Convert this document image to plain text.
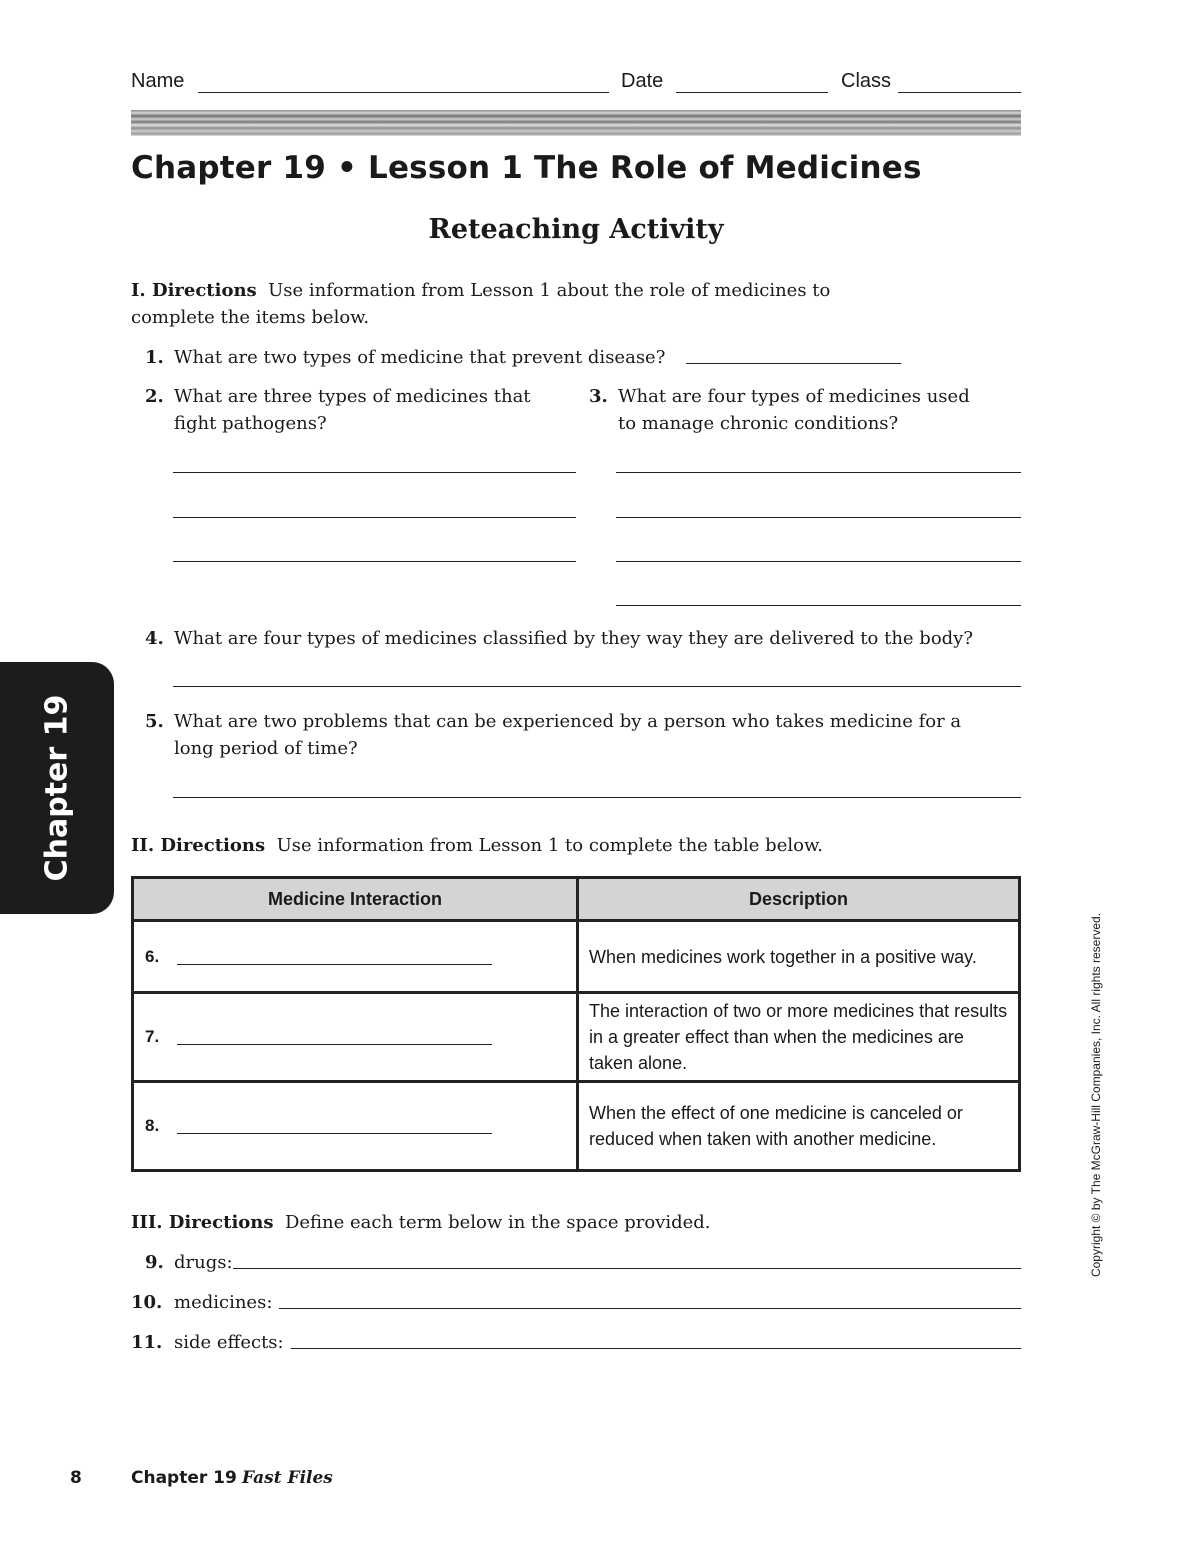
Name	Date	Class
Chapter 19 • Lesson 1 The Role of Medicines
Reteaching Activity
I. Directions Use information from Lesson 1 about the role of medicines to
complete the items below.
1. What are two types of medicine that prevent disease?
2. What are three types of medicines that
fight pathogens?
3. What are four types of medicines used
to manage chronic conditions?
4. What are four types of medicines classified by they way they are delivered to the body?
5. What are two problems that can be experienced by a person who takes medicine for a
long period of time?
II. Directions Use information from Lesson 1 to complete the table below.
Medicine Interaction	Description
6.	When medicines work together in a positive way.
7.	The interaction of two or more medicines that results in a greater effect than when the medicines are taken alone.
8.	When the effect of one medicine is canceled or reduced when taken with another medicine.
III. Directions Define each term below in the space provided.
9. drugs:
10. medicines:
11. side effects:
Chapter 19
Copyright © by The McGraw-Hill Companies, Inc. All rights reserved.
8	Chapter 19 Fast Files
